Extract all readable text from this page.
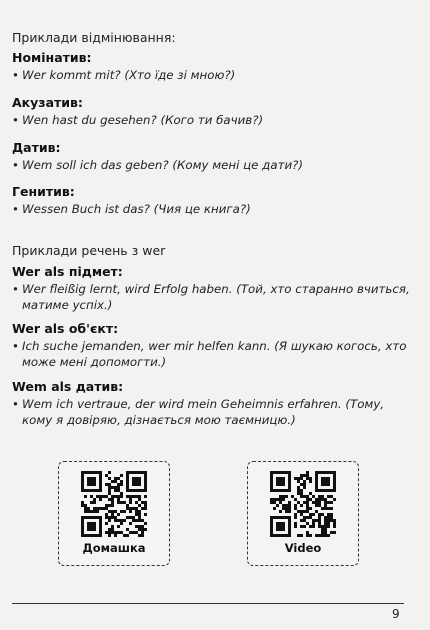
Приклади відмінювання:
Номінатив:
• Wer kommt mit? (Хто їде зі мною?)
Акузатив:
• Wen hast du gesehen? (Кого ти бачив?)
Датив:
• Wem soll ich das geben? (Кому мені це дати?)
Генитив:
• Wessen Buch ist das? (Чия це книга?)
Приклади речень з wer
Wer als підмет:
• Wer fleißig lernt, wird Erfolg haben. (Той, хто старанно вчиться, матиме успіх.)
Wer als об'єкт:
• Ich suche jemanden, wer mir helfen kann. (Я шукаю когось, хто може мені допомогти.)
Wem als датив:
• Wem ich vertraue, der wird mein Geheimnis erfahren. (Тому, кому я довіряю, дізнається мою таємницю.)
Домашка	Video
9
